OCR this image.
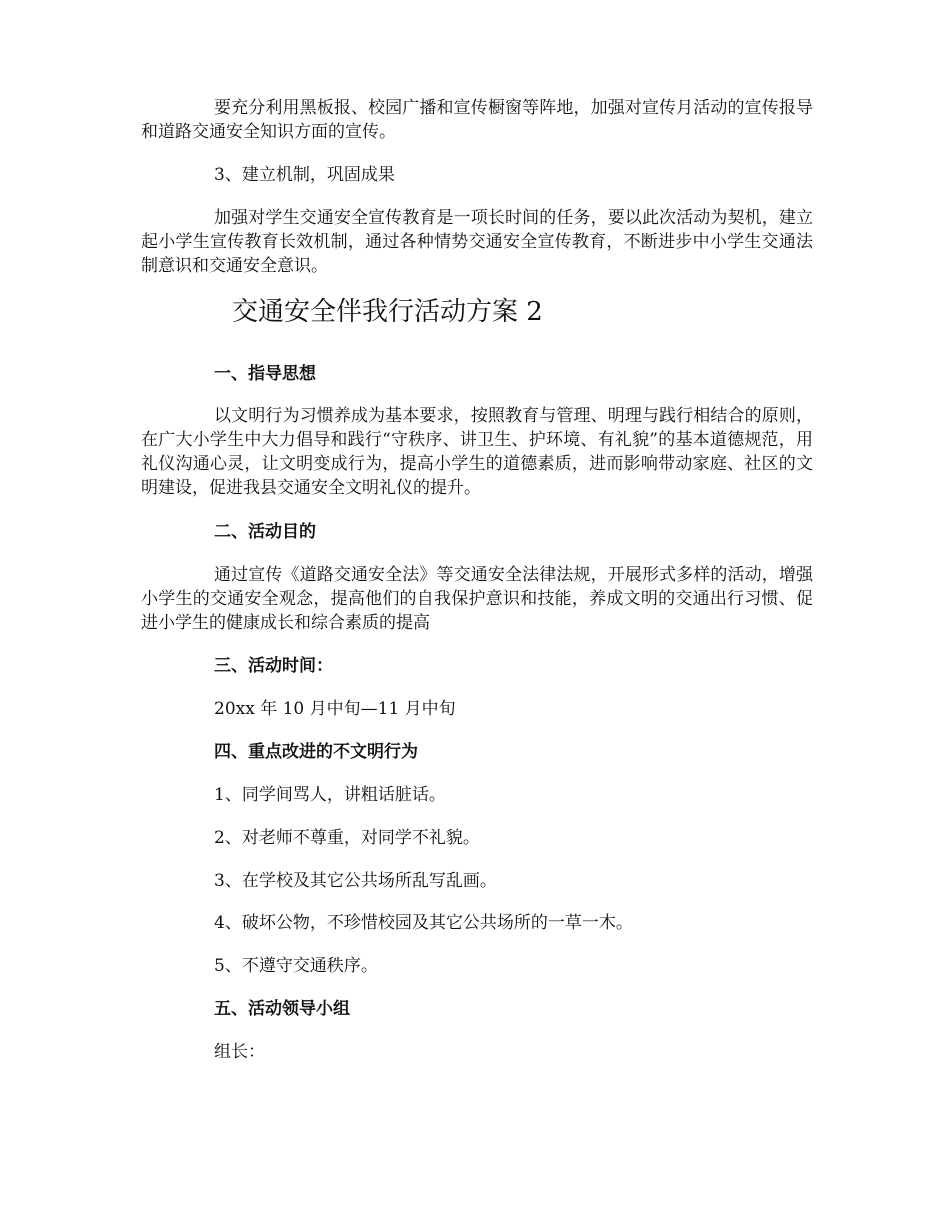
要充分利用黑板报、校园广播和宣传橱窗等阵地，加强对宣传月活动的宣传报导和道路交通安全知识方面的宣传。

3、建立机制，巩固成果

加强对学生交通安全宣传教育是一项长时间的任务，要以此次活动为契机，建立起小学生宣传教育长效机制，通过各种情势交通安全宣传教育，不断进步中小学生交通法制意识和交通安全意识。

交通安全伴我行活动方案 2

一、指导思想

以文明行为习惯养成为基本要求，按照教育与管理、明理与践行相结合的原则，在广大小学生中大力倡导和践行“守秩序、讲卫生、护环境、有礼貌”的基本道德规范，用礼仪沟通心灵，让文明变成行为，提高小学生的道德素质，进而影响带动家庭、社区的文明建设，促进我县交通安全文明礼仪的提升。

二、活动目的

通过宣传《道路交通安全法》等交通安全法律法规，开展形式多样的活动，增强小学生的交通安全观念，提高他们的自我保护意识和技能，养成文明的交通出行习惯、促进小学生的健康成长和综合素质的提高

三、活动时间：

20xx 年 10 月中旬—11 月中旬

四、重点改进的不文明行为

1、同学间骂人，讲粗话脏话。

2、对老师不尊重，对同学不礼貌。

3、在学校及其它公共场所乱写乱画。

4、破坏公物，不珍惜校园及其它公共场所的一草一木。

5、不遵守交通秩序。

五、活动领导小组

组长：
